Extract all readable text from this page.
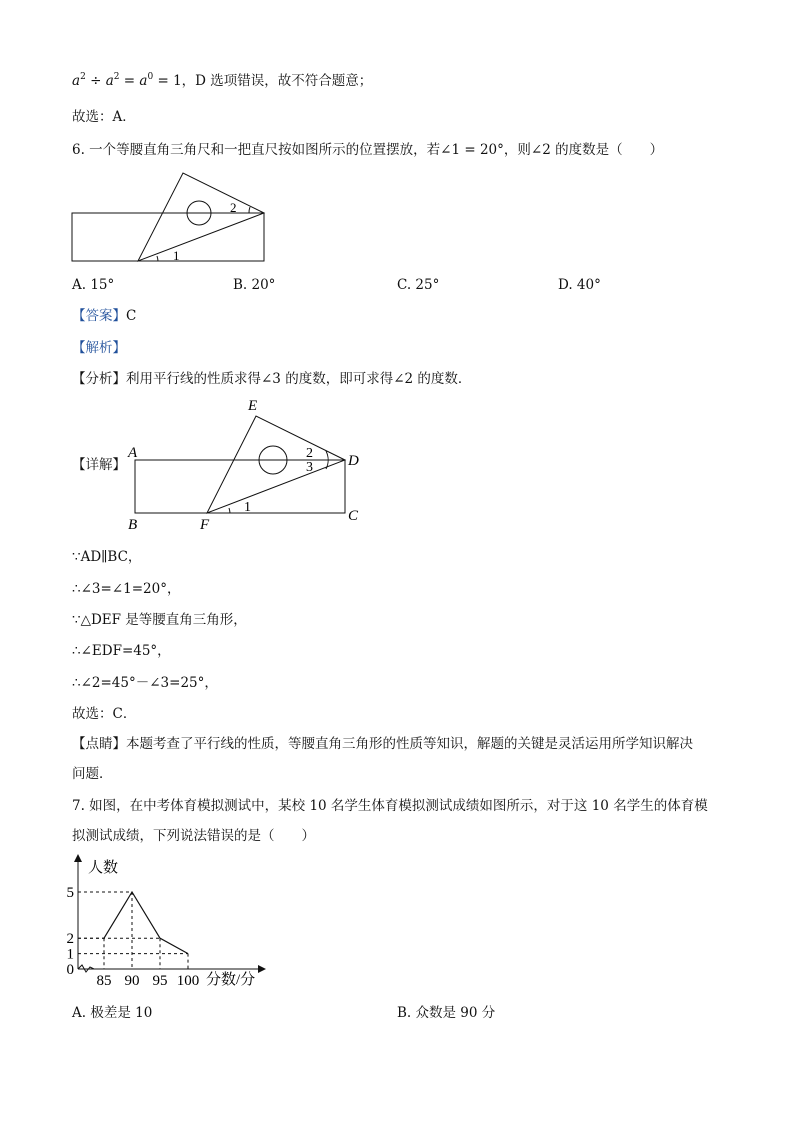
$a^2 \div a^2 = a^0 = 1$，D 选项错误，故不符合题意；
故选：A．
6. 一个等腰直角三角尺和一把直尺按如图所示的位置摆放，若∠1 = 20°，则∠2 的度数是（　　）
1
2
A. 15°	B. 20°	C. 25°	D. 40°
【答案】C
【解析】
【分析】利用平行线的性质求得∠3 的度数，即可求得∠2 的度数．
【详解】
E
A
B	F
C
D
1
2
3
∵AD∥BC，
∴∠3=∠1=20°，
∵△DEF 是等腰直角三角形，
∴∠EDF=45°，
∴∠2=45°－∠3=25°，
故选：C．
【点睛】本题考查了平行线的性质，等腰直角三角形的性质等知识，解题的关键是灵活运用所学知识解决
问题．
7. 如图，在中考体育模拟测试中，某校 10 名学生体育模拟测试成绩如图所示，对于这 10 名学生的体育模
拟测试成绩，下列说法错误的是（　　）
85 90 95 100
0
1
2
5
人数
分数/分
A. 极差是 10	B. 众数是 90 分
